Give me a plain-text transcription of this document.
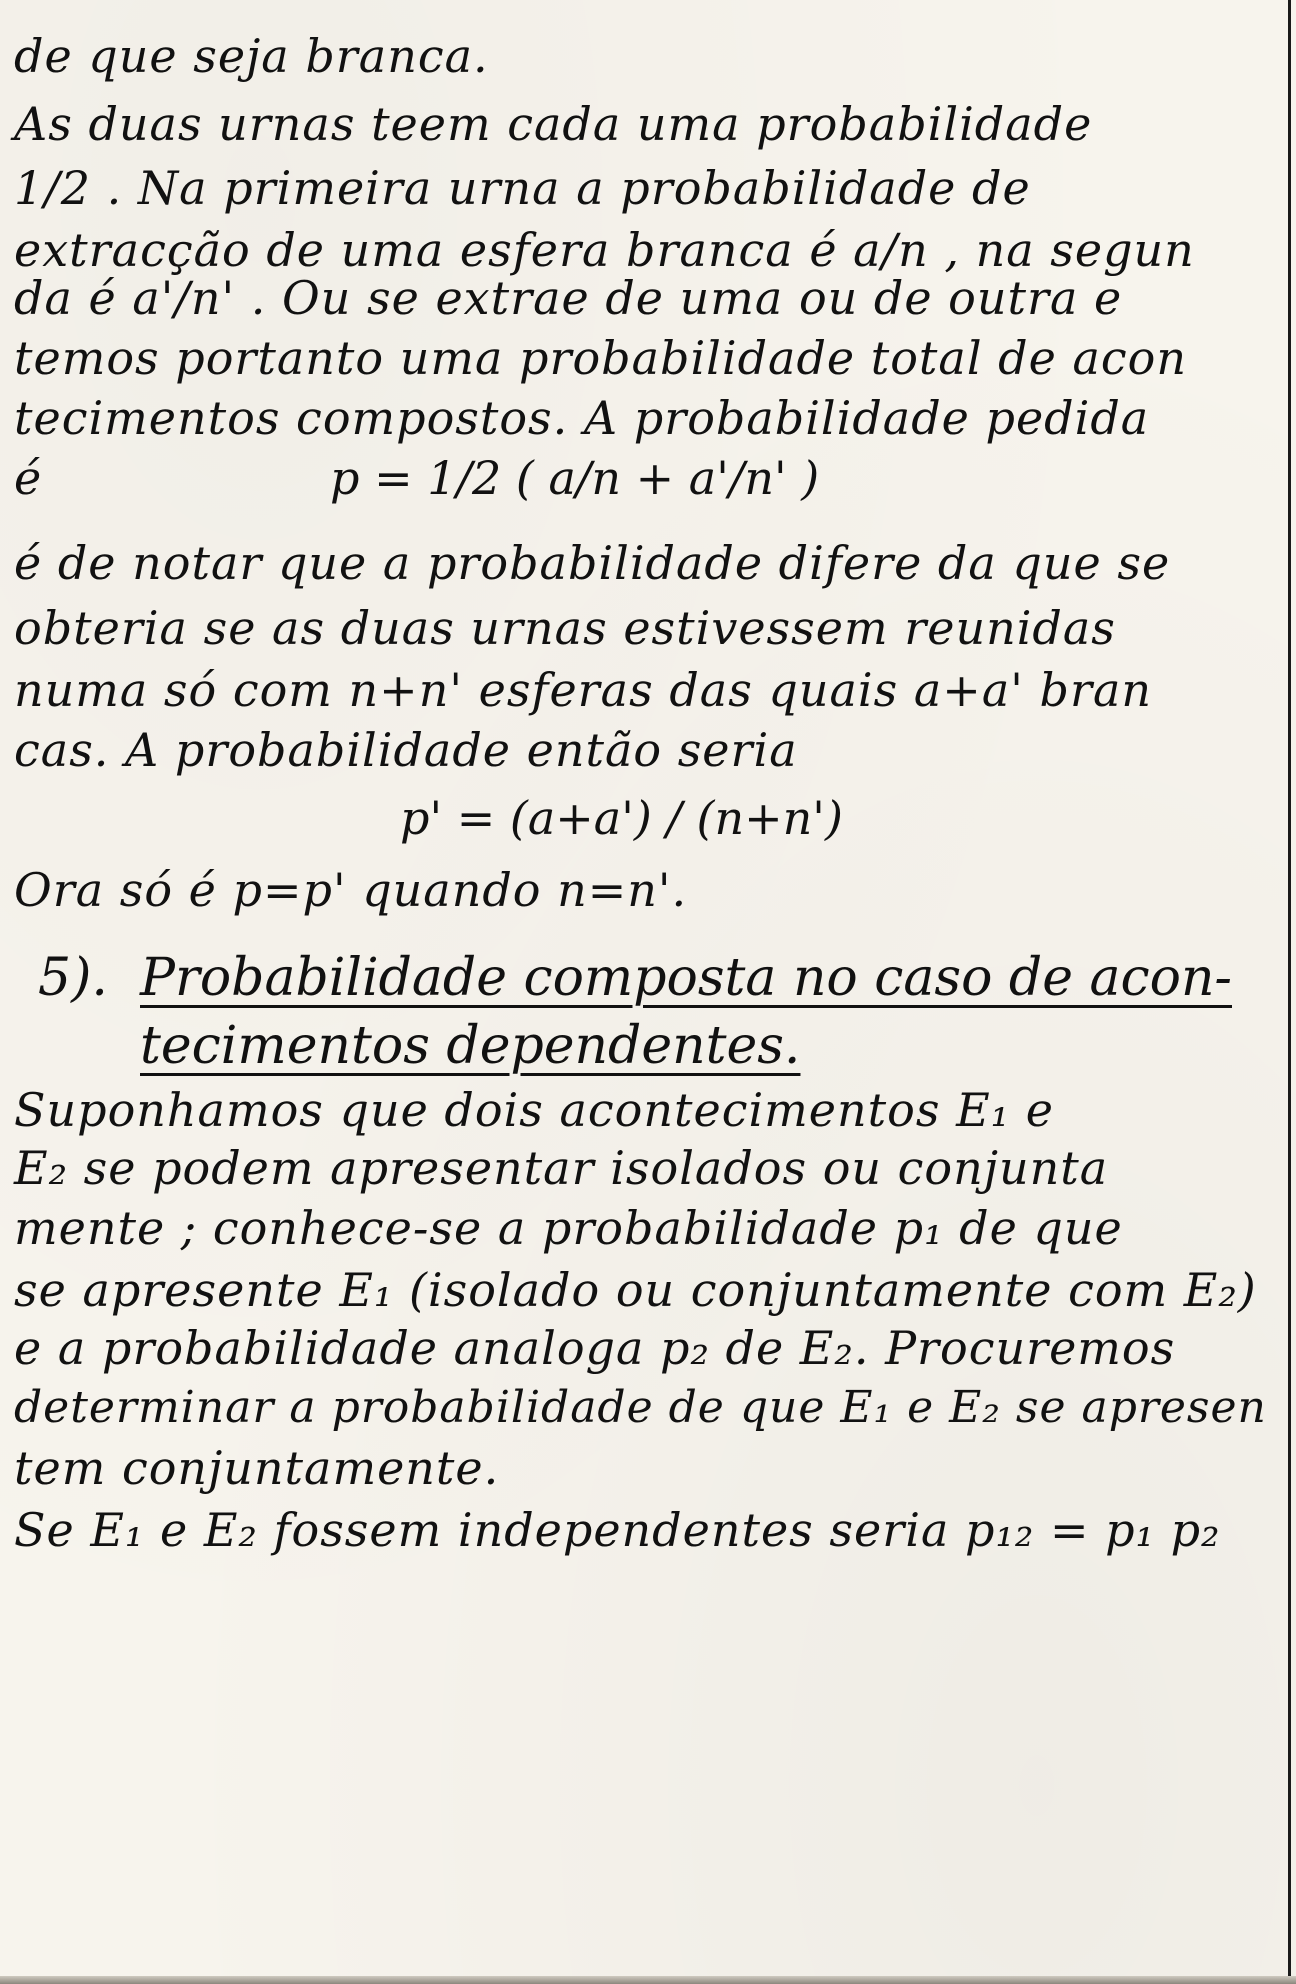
de que seja branca.
As duas urnas teem cada uma probabilidade
1/2 . Na primeira urna a probabilidade de
extracção de uma esfera branca é a/n , na segun
da é a'/n' . Ou se extrae de uma ou de outra e
temos portanto uma probabilidade total de acon
tecimentos compostos. A probabilidade pedida
é	p = 1/2 ( a/n + a'/n' )
é de notar que a probabilidade difere da que se
obteria se as duas urnas estivessem reunidas
numa só com n+n' esferas das quais a+a' bran
cas. A probabilidade então seria
p' = (a+a') / (n+n')
Ora só é p=p' quando n=n'.
5). Probabilidade composta no caso de acon-
tecimentos dependentes.
Suponhamos que dois acontecimentos E₁ e
E₂ se podem apresentar isolados ou conjunta
mente ; conhece-se a probabilidade p₁ de que
se apresente E₁ (isolado ou conjuntamente com E₂)
e a probabilidade analoga p₂ de E₂. Procuremos
determinar a probabilidade de que E₁ e E₂ se apresen
tem conjuntamente.
Se E₁ e E₂ fossem independentes seria p₁₂ = p₁ p₂
